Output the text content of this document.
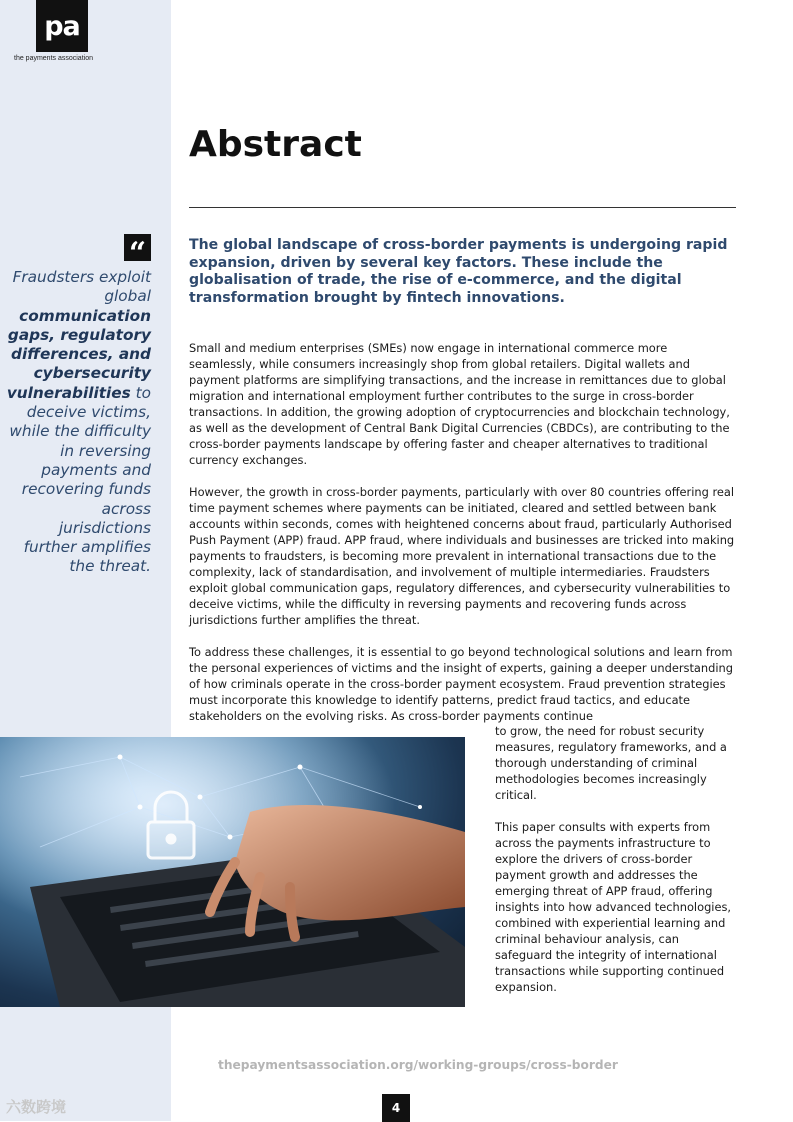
pa
the payments association
“
Fraudsters exploit global communication gaps, regulatory differences, and cybersecurity vulnerabilities to deceive victims, while the difficulty in reversing payments and recovering funds across jurisdictions further amplifies the threat.
Abstract

The global landscape of cross-border payments is undergoing rapid expansion, driven by several key factors. These include the globalisation of trade, the rise of e-commerce, and the digital transformation brought by fintech innovations.

Small and medium enterprises (SMEs) now engage in international commerce more seamlessly, while consumers increasingly shop from global retailers. Digital wallets and payment platforms are simplifying transactions, and the increase in remittances due to global migration and international employment further contributes to the surge in cross-border transactions. In addition, the growing adoption of cryptocurrencies and blockchain technology, as well as the development of Central Bank Digital Currencies (CBDCs), are contributing to the cross-border payments landscape by offering faster and cheaper alternatives to traditional currency exchanges.

However, the growth in cross-border payments, particularly with over 80 countries offering real time payment schemes where payments can be initiated, cleared and settled between bank accounts within seconds, comes with heightened concerns about fraud, particularly Authorised Push Payment (APP) fraud. APP fraud, where individuals and businesses are tricked into making payments to fraudsters, is becoming more prevalent in international transactions due to the complexity, lack of standardisation, and involvement of multiple intermediaries. Fraudsters exploit global communication gaps, regulatory differences, and cybersecurity vulnerabilities to deceive victims, while the difficulty in reversing payments and recovering funds across jurisdictions further amplifies the threat.

To address these challenges, it is essential to go beyond technological solutions and learn from the personal experiences of victims and the insight of experts, gaining a deeper understanding of how criminals operate in the cross-border payment ecosystem. Fraud prevention strategies must incorporate this knowledge to identify patterns, predict fraud tactics, and educate stakeholders on the evolving risks. As cross-border payments continue

to grow, the need for robust security measures, regulatory frameworks, and a thorough understanding of criminal methodologies becomes increasingly critical.

This paper consults with experts from across the payments infrastructure to explore the drivers of cross-border payment growth and addresses the emerging threat of APP fraud, offering insights into how advanced technologies, combined with experiential learning and criminal behaviour analysis, can safeguard the integrity of international transactions while supporting continued expansion.

thepaymentsassociation.org/working-groups/cross-border
4
六数跨境
